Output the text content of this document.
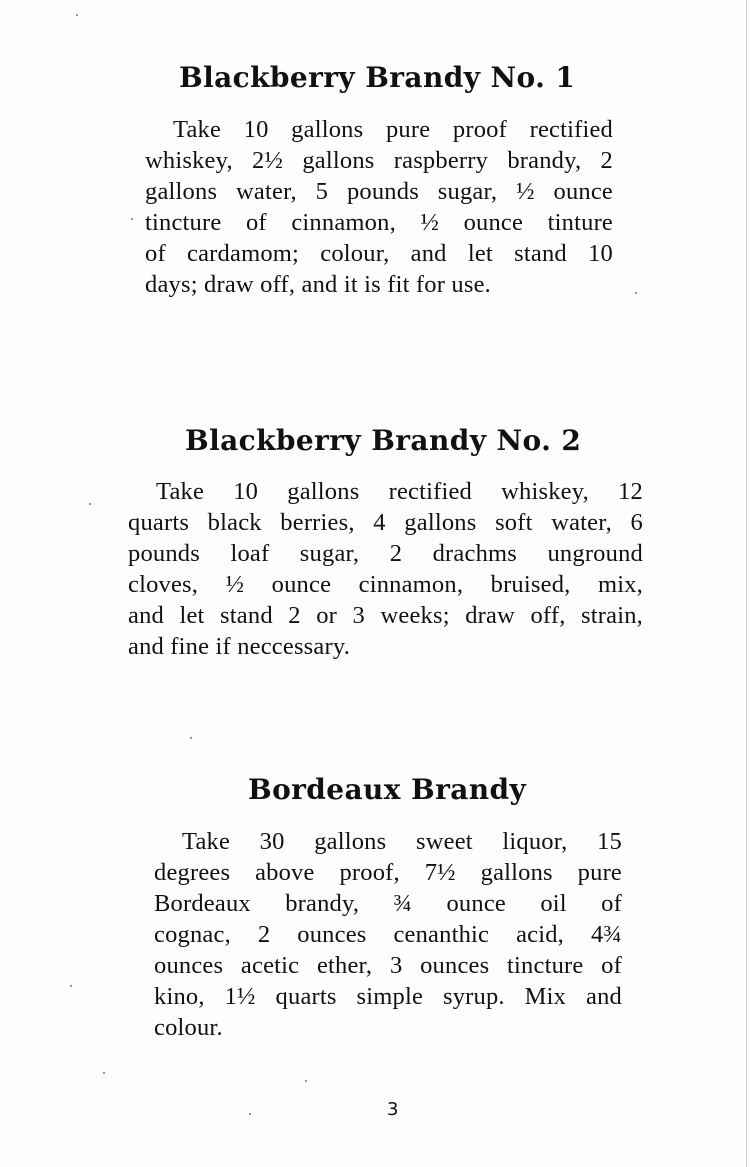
Blackberry Brandy No. 1
Take 10 gallons pure proof rectified
whiskey, 2½ gallons raspberry brandy, 2
gallons water, 5 pounds sugar, ½ ounce
tincture of cinnamon, ½ ounce tinture
of cardamom; colour, and let stand 10
days; draw off, and it is fit for use.
Blackberry Brandy No. 2
Take 10 gallons rectified whiskey, 12
quarts black berries, 4 gallons soft water, 6
pounds loaf sugar, 2 drachms unground
cloves, ½ ounce cinnamon, bruised, mix,
and let stand 2 or 3 weeks; draw off, strain,
and fine if neccessary.
Bordeaux Brandy
Take 30 gallons sweet liquor, 15
degrees above proof, 7½ gallons pure
Bordeaux brandy, ¾ ounce oil of
cognac, 2 ounces cenanthic acid, 4¾
ounces acetic ether, 3 ounces tincture of
kino, 1½ quarts simple syrup. Mix and
colour.
3
